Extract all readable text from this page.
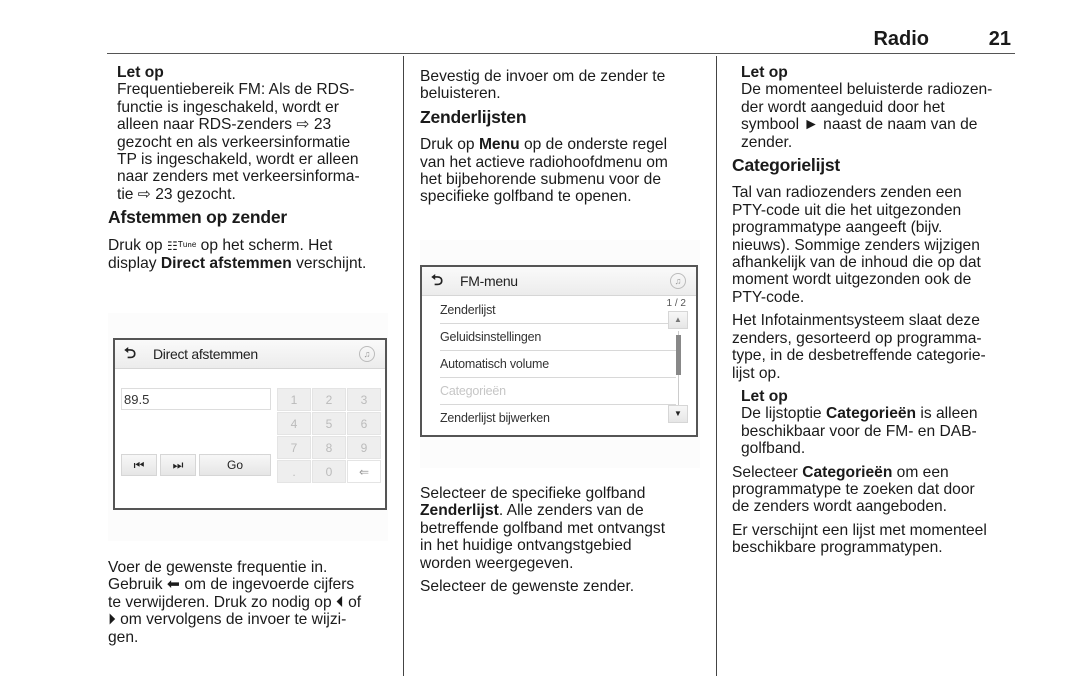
Radio	21
Let op
Frequentiebereik FM: Als de RDS-
functie is ingeschakeld, wordt er
alleen naar RDS-zenders ⇨ 23
gezocht en als verkeersinformatie
TP is ingeschakeld, wordt er alleen
naar zenders met verkeersinforma-
tie ⇨ 23 gezocht.
Afstemmen op zender

Druk op ☷ᵀᵘⁿᵉ op het scherm. Het
display Direct afstemmen verschijnt.

⮌	Direct afstemmen	♫
89.5
⏮	⏭	Go
1	2	3
4	5	6
7	8	9
.	0	⇐

Voer de gewenste frequentie in.
Gebruik ⬅ om de ingevoerde cijfers
te verwijderen. Druk zo nodig op ⏴ of
⏵ om vervolgens de invoer te wijzi-
gen.

Bevestig de invoer om de zender te
beluisteren.

Zenderlijsten

Druk op Menu op de onderste regel
van het actieve radiohoofdmenu om
het bijbehorende submenu voor de
specifieke golfband te openen.

⮌	FM-menu	♫
Zenderlijst
Geluidsinstellingen
Automatisch volume
Categorieën
Zenderlijst bijwerken
1 / 2
▲
▼

Selecteer de specifieke golfband
Zenderlijst. Alle zenders van de
betreffende golfband met ontvangst
in het huidige ontvangstgebied
worden weergegeven.

Selecteer de gewenste zender.

Let op
De momenteel beluisterde radiozen-
der wordt aangeduid door het
symbool ► naast de naam van de
zender.
Categorielijst

Tal van radiozenders zenden een
PTY-code uit die het uitgezonden
programmatype aangeeft (bijv.
nieuws). Sommige zenders wijzigen
afhankelijk van de inhoud die op dat
moment wordt uitgezonden ook de
PTY-code.

Het Infotainmentsysteem slaat deze
zenders, gesorteerd op programma-
type, in de desbetreffende categorie-
lijst op.

Let op
De lijstoptie Categorieën is alleen
beschikbaar voor de FM- en DAB-
golfband.

Selecteer Categorieën om een
programmatype te zoeken dat door
de zenders wordt aangeboden.

Er verschijnt een lijst met momenteel
beschikbare programmatypen.
